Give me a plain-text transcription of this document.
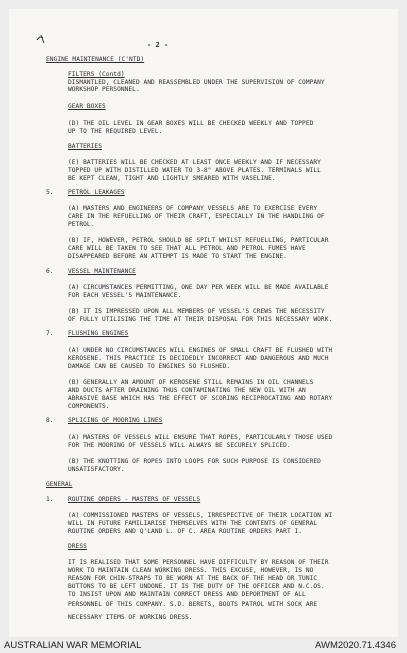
- 2 -
ENGINE MAINTENANCE (C'NTD)
FILTERS (Contd)
DISMANTLED, CLEANED AND REASSEMBLED UNDER THE SUPERVISION OF COMPANY
WORKSHOP PERSONNEL.
GEAR BOXES
(D) THE OIL LEVEL IN GEAR BOXES WILL BE CHECKED WEEKLY AND TOPPED
UP TO THE REQUIRED LEVEL.
BATTERIES
(E) BATTERIES WILL BE CHECKED AT LEAST ONCE WEEKLY AND IF NECESSARY
TOPPED UP WITH DISTILLED WATER TO 3-8" ABOVE PLATES. TERMINALS WILL
BE KEPT CLEAN, TIGHT AND LIGHTLY SMEARED WITH VASELINE.
5. PETROL LEAKAGES
(A) MASTERS AND ENGINEERS OF COMPANY VESSELS ARE TO EXERCISE EVERY
CARE IN THE REFUELLING OF THEIR CRAFT, ESPECIALLY IN THE HANDLING OF
PETROL.
(B) IF, HOWEVER, PETROL SHOULD BE SPILT WHILST REFUELLING, PARTICULAR
CARE WILL BE TAKEN TO SEE THAT ALL PETROL AND PETROL FUMES HAVE
DISAPPEARED BEFORE AN ATTEMPT IS MADE TO START THE ENGINE.
6. VESSEL MAINTENANCE
(A) CIRCUMSTANCES PERMITTING, ONE DAY PER WEEK WILL BE MADE AVAILABLE
FOR EACH VESSEL'S MAINTENANCE.
(B) IT IS IMPRESSED UPON ALL MEMBERS OF VESSEL'S CREWS THE NECESSITY
OF FULLY UTILISING THE TIME AT THEIR DISPOSAL FOR THIS NECESSARY WORK.
7. FLUSHING ENGINES
(A) UNDER NO CIRCUMSTANCES WILL ENGINES OF SMALL CRAFT BE FLUSHED WITH
KEROSENE. THIS PRACTICE IS DECIDEDLY INCORRECT AND DANGEROUS AND MUCH
DAMAGE CAN BE CAUSED TO ENGINES SO FLUSHED.
(B) GENERALLY AN AMOUNT OF KEROSENE STILL REMAINS IN OIL CHANNELS
AND DUCTS AFTER DRAINING THUS CONTAMINATING THE NEW OIL WITH AN
ABRASIVE BASE WHICH HAS THE EFFECT OF SCORING RECIPROCATING AND ROTARY
COMPONENTS.
8. SPLICING OF MOORING LINES
(A) MASTERS OF VESSELS WILL ENSURE THAT ROPES, PARTICULARLY THOSE USED
FOR THE MOORING OF VESSELS WILL ALWAYS BE SECURELY SPLICED.
(B) THE KNOTTING OF ROPES INTO LOOPS FOR SUCH PURPOSE IS CONSIDERED
UNSATISFACTORY.
GENERAL
1. ROUTINE ORDERS - MASTERS OF VESSELS
(A) COMMISSIONED MASTERS OF VESSELS, IRRESPECTIVE OF THEIR LOCATION WI
WILL IN FUTURE FAMILIARISE THEMSELVES WITH THE CONTENTS OF GENERAL
ROUTINE ORDERS AND Q'LAND L. OF C. AREA ROUTINE ORDERS PART I.
DRESS
IT IS REALISED THAT SOME PERSONNEL HAVE DIFFICULTY BY REASON OF THEIR
WORK TO MAINTAIN CLEAN WORKING DRESS. THIS EXCUSE, HOWEVER, IS NO
REASON FOR CHIN-STRAPS TO BE WORN AT THE BACK OF THE HEAD OR TUNIC
BUTTONS TO BE LEFT UNDONE. IT IS THE DUTY OF THE OFFICER AND N.C.OS.
TO INSIST UPON AND MAINTAIN CORRECT DRESS AND DEPORTMENT OF ALL
PERSONNEL OF THIS COMPANY. S.D. BERETS, BOOTS PATROL WITH SOCK ARE
NECESSARY ITEMS OF WORKING DRESS.
AUSTRALIAN WAR MEMORIAL	AWM2020.71.4346
